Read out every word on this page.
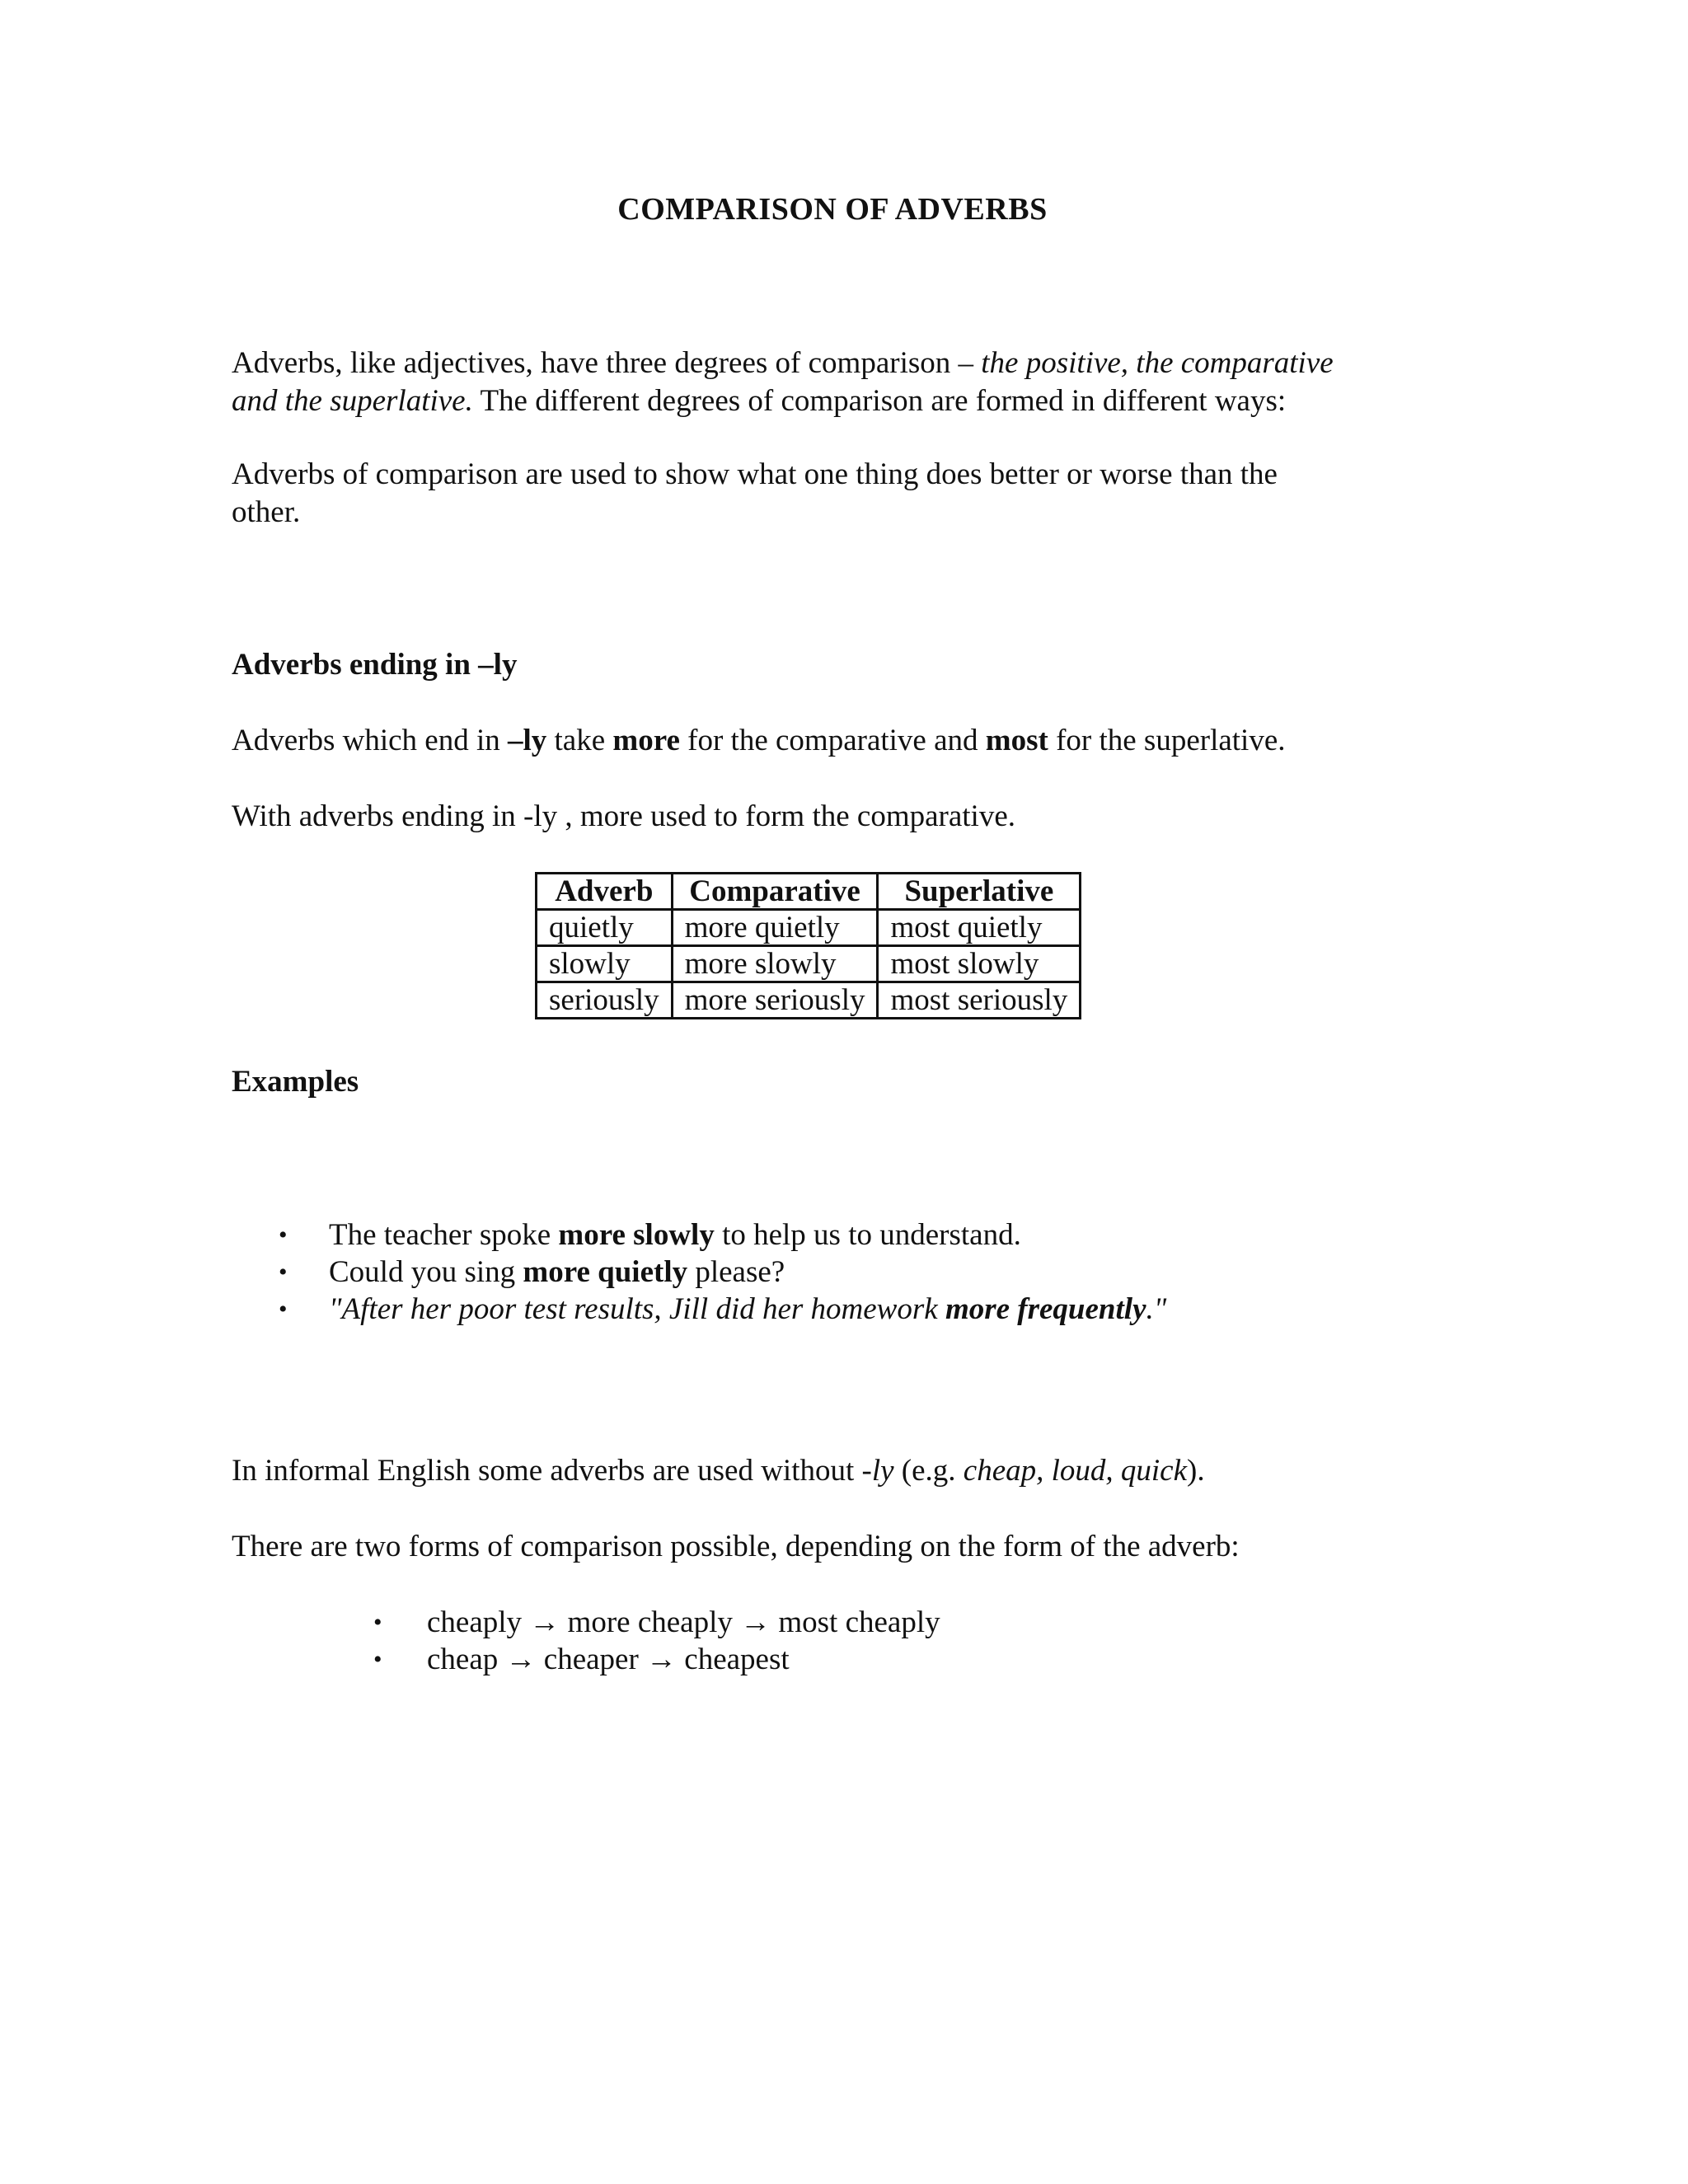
COMPARISON OF ADVERBS
Adverbs, like adjectives, have three degrees of comparison – the positive, the comparative
and the superlative. The different degrees of comparison are formed in different ways:
Adverbs of comparison are used to show what one thing does better or worse than the
other.
Adverbs ending in –ly
Adverbs which end in –ly take more for the comparative and most for the superlative.
With adverbs ending in -ly , more used to form the comparative.
Adverb	Comparative	Superlative
quietly	more quietly	most quietly
slowly	more slowly	most slowly
seriously	more seriously	most seriously
Examples
• The teacher spoke more slowly to help us to understand.
• Could you sing more quietly please?
• "After her poor test results, Jill did her homework more frequently."
In informal English some adverbs are used without -ly (e.g. cheap, loud, quick).
There are two forms of comparison possible, depending on the form of the adverb:
• cheaply → more cheaply → most cheaply
• cheap → cheaper → cheapest
